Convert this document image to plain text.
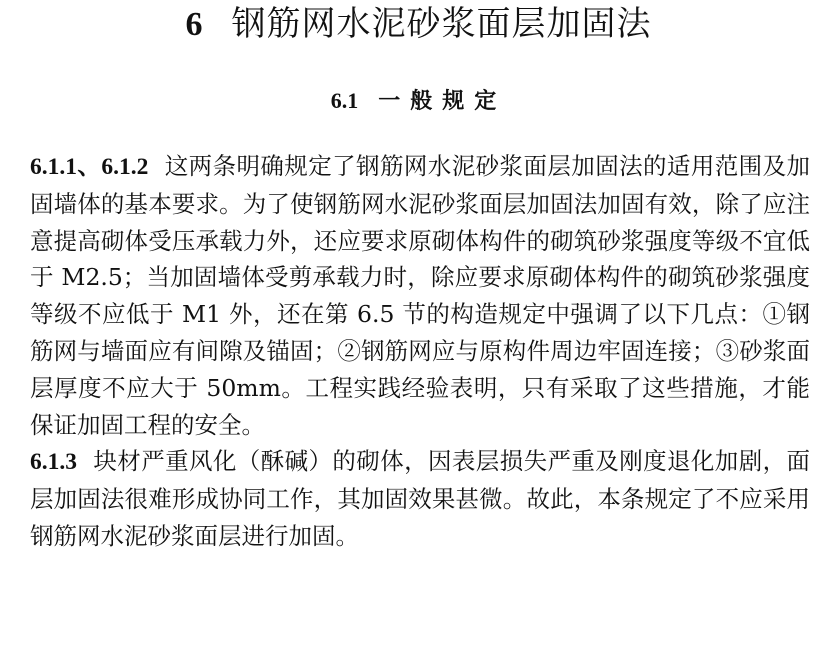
6 钢筋网水泥砂浆面层加固法
6.1 一般规定

6.1.1、6.1.2 这两条明确规定了钢筋网水泥砂浆面层加固法的适用范围及加固墙体的基本要求。为了使钢筋网水泥砂浆面层加固法加固有效，除了应注意提高砌体受压承载力外，还应要求原砌体构件的砌筑砂浆强度等级不宜低于 M2.5；当加固墙体受剪承载力时，除应要求原砌体构件的砌筑砂浆强度等级不应低于 M1 外，还在第 6.5 节的构造规定中强调了以下几点：①钢筋网与墙面应有间隙及锚固；②钢筋网应与原构件周边牢固连接；③砂浆面层厚度不应大于 50mm。工程实践经验表明，只有采取了这些措施，才能保证加固工程的安全。

6.1.3 块材严重风化（酥碱）的砌体，因表层损失严重及刚度退化加剧，面层加固法很难形成协同工作，其加固效果甚微。故此，本条规定了不应采用钢筋网水泥砂浆面层进行加固。
